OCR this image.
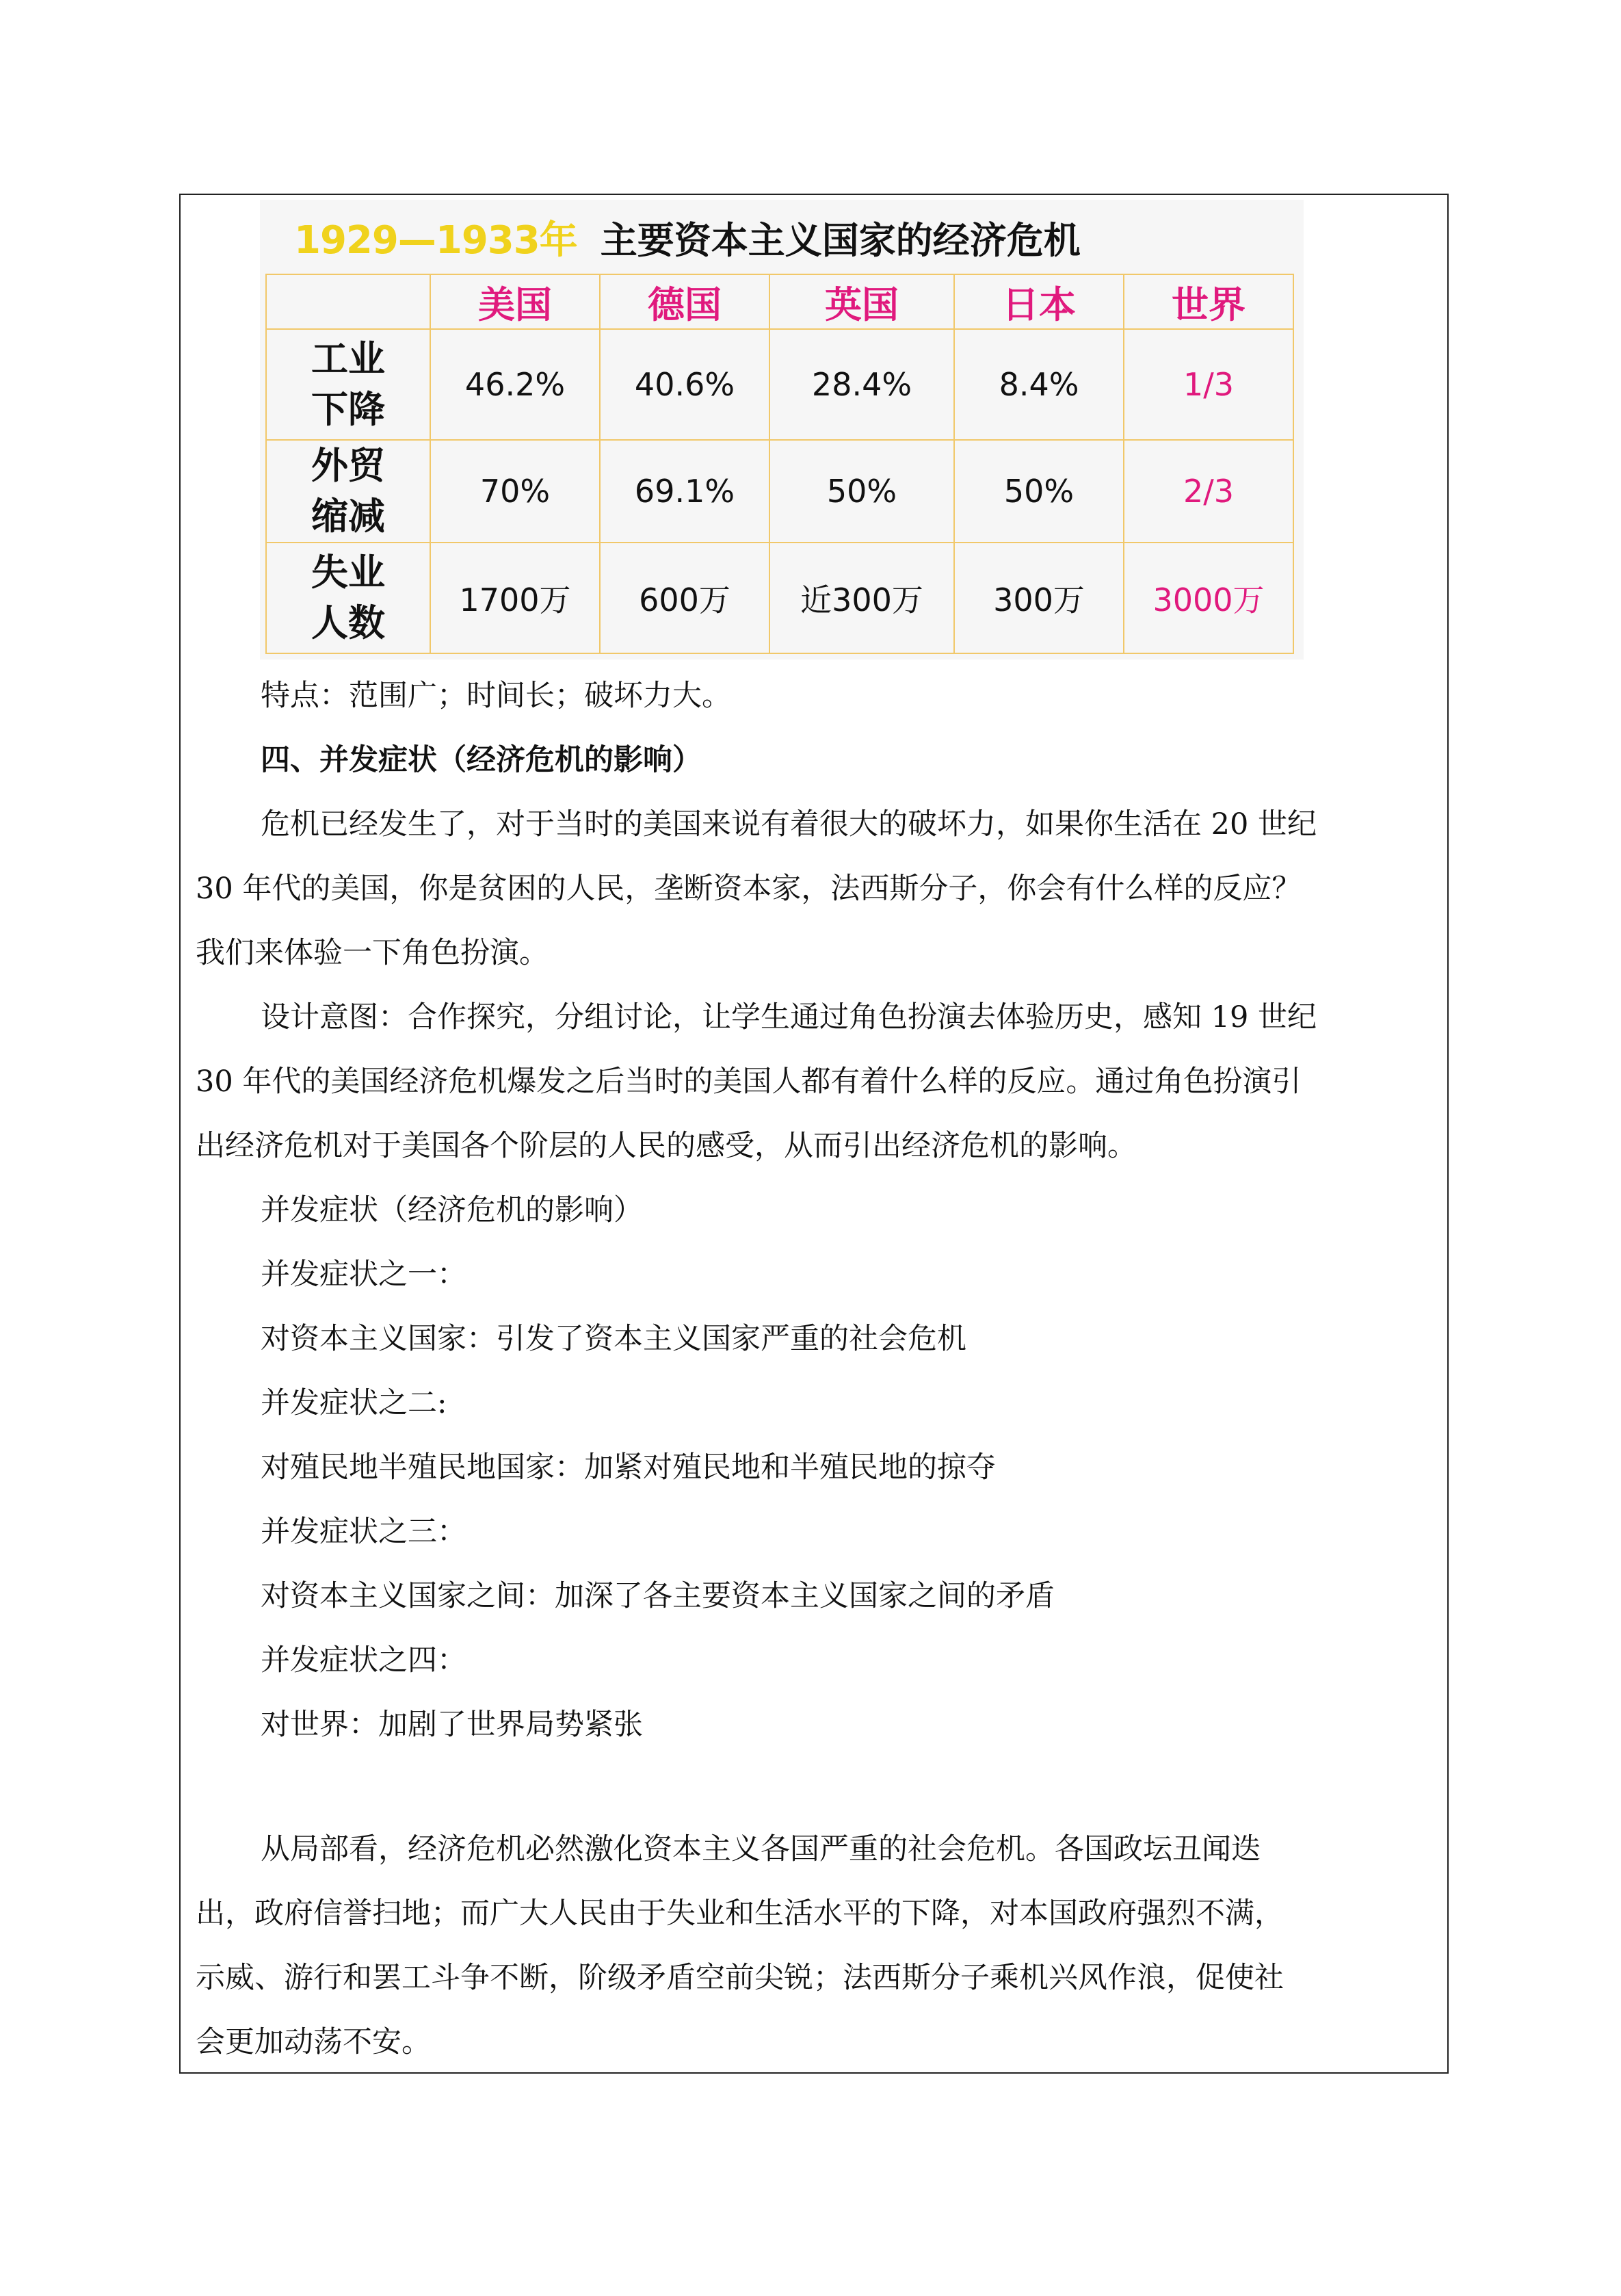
1929—1933年 主要资本主义国家的经济危机
	美国	德国	英国	日本	世界

工业
下降	46.2%	40.6%	28.4%	8.4%	1/3

外贸
缩减	70%	69.1%	50%	50%	2/3

失业
人数	1700万	600万	近300万	300万	3000万
特点：范围广；时间长；破坏力大。
四、并发症状（经济危机的影响）
危机已经发生了，对于当时的美国来说有着很大的破坏力，如果你生活在 20 世纪
30 年代的美国，你是贫困的人民，垄断资本家，法西斯分子，你会有什么样的反应？
我们来体验一下角色扮演。
设计意图：合作探究，分组讨论，让学生通过角色扮演去体验历史，感知 19 世纪
30 年代的美国经济危机爆发之后当时的美国人都有着什么样的反应。通过角色扮演引
出经济危机对于美国各个阶层的人民的感受，从而引出经济危机的影响。
并发症状（经济危机的影响）
并发症状之一：
对资本主义国家：引发了资本主义国家严重的社会危机
并发症状之二:
对殖民地半殖民地国家：加紧对殖民地和半殖民地的掠夺
并发症状之三：
对资本主义国家之间：加深了各主要资本主义国家之间的矛盾
并发症状之四：
对世界：加剧了世界局势紧张
从局部看，经济危机必然激化资本主义各国严重的社会危机。各国政坛丑闻迭
出，政府信誉扫地；而广大人民由于失业和生活水平的下降，对本国政府强烈不满，
示威、游行和罢工斗争不断，阶级矛盾空前尖锐；法西斯分子乘机兴风作浪，促使社
会更加动荡不安。
